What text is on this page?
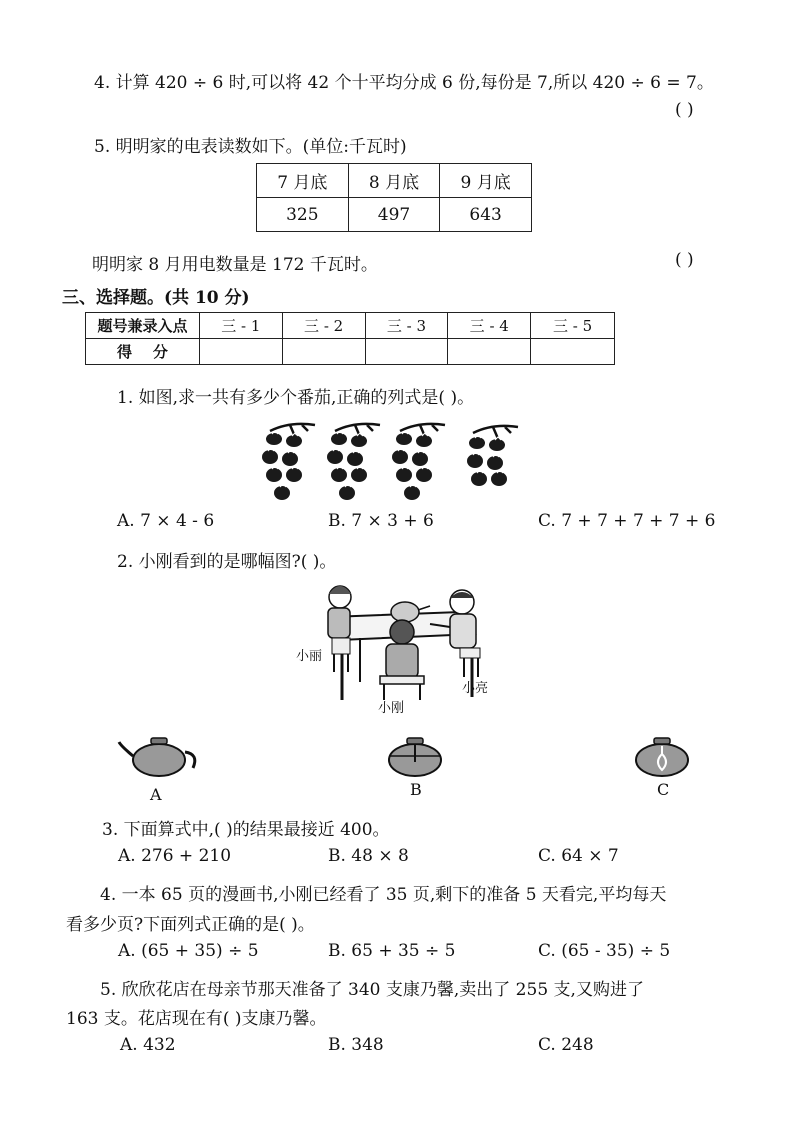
4. 计算 420 ÷ 6 时,可以将 42 个十平均分成 6 份,每份是 7,所以 420 ÷ 6 = 7。
( )
5. 明明家的电表读数如下。(单位:千瓦时)
7 月底	8 月底	9 月底
325	497	643
明明家 8 月用电数量是 172 千瓦时。	( )
三、选择题。(共 10 分)
题号兼录入点	三 - 1	三 - 2	三 - 3	三 - 4	三 - 5
得    分					
1. 如图,求一共有多少个番茄,正确的列式是( )。
A. 7 × 4 - 6	B. 7 × 3 + 6	C. 7 + 7 + 7 + 7 + 6
2. 小刚看到的是哪幅图?( )。
小丽
小刚
小亮
A	B	C
3. 下面算式中,( )的结果最接近 400。
A. 276 + 210	B. 48 × 8	C. 64 × 7
4. 一本 65 页的漫画书,小刚已经看了 35 页,剩下的准备 5 天看完,平均每天
看多少页?下面列式正确的是( )。
A. (65 + 35) ÷ 5	B. 65 + 35 ÷ 5	C. (65 - 35) ÷ 5
5. 欣欣花店在母亲节那天准备了 340 支康乃馨,卖出了 255 支,又购进了
163 支。花店现在有( )支康乃馨。
A. 432	B. 348	C. 248
